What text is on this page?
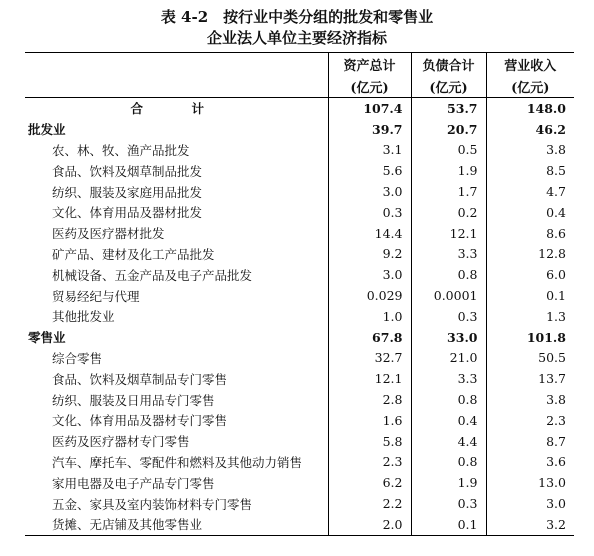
表 4-2　按行业中类分组的批发和零售业
企业法人单位主要经济指标
	资产总计	负债合计	营业收入
	(亿元)	(亿元)	(亿元)
合　计	107.4	53.7	148.0
批发业	39.7	20.7	46.2
农、林、牧、渔产品批发	3.1	0.5	3.8
食品、饮料及烟草制品批发	5.6	1.9	8.5
纺织、服装及家庭用品批发	3.0	1.7	4.7
文化、体育用品及器材批发	0.3	0.2	0.4
医药及医疗器材批发	14.4	12.1	8.6
矿产品、建材及化工产品批发	9.2	3.3	12.8
机械设备、五金产品及电子产品批发	3.0	0.8	6.0
贸易经纪与代理	0.029	0.0001	0.1
其他批发业	1.0	0.3	1.3
零售业	67.8	33.0	101.8
综合零售	32.7	21.0	50.5
食品、饮料及烟草制品专门零售	12.1	3.3	13.7
纺织、服装及日用品专门零售	2.8	0.8	3.8
文化、体育用品及器材专门零售	1.6	0.4	2.3
医药及医疗器材专门零售	5.8	4.4	8.7
汽车、摩托车、零配件和燃料及其他动力销售	2.3	0.8	3.6
家用电器及电子产品专门零售	6.2	1.9	13.0
五金、家具及室内装饰材料专门零售	2.2	0.3	3.0
货摊、无店铺及其他零售业	2.0	0.1	3.2
